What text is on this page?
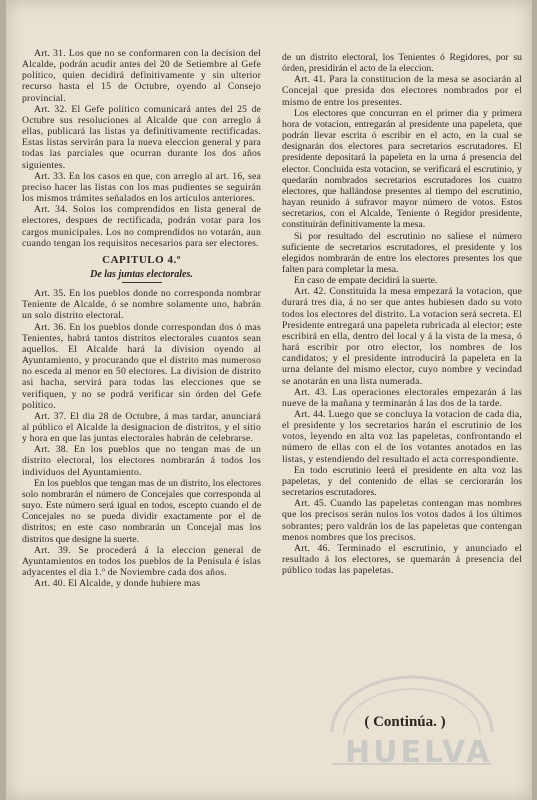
Art. 31. Los que no se conformaren con la decision del Alcalde, podrán acudir antes del 20 de Setiembre al Gefe político, quien decidirá definitivamente y sin ulterior recurso hasta el 15 de Octubre, oyendo al Consejo provincial.

Art. 32. El Gefe político comunicará antes del 25 de Octubre sus resoluciones al Alcalde que con arreglo á ellas, publicará las listas ya definitivamente rectificadas. Estas listas servirán para la nueva eleccion general y para todas las parciales que ocurran durante los dos años siguientes.

Art. 33. En los casos en que, con arreglo al art. 16, sea preciso hacer las listas con los mas pudientes se seguirán los mismos trámites señalados en los artículos anteriores.

Art. 34. Solos los comprendidos en lista general de electores, despues de rectificada, podrán votar para los cargos municipales. Los no comprendidos no votarán, aun cuando tengan los requisitos necesarios para ser electores.

CAPITULO 4.º
De las juntas electorales.

Art. 35. En los pueblos donde no corresponda nombrar Teniente de Alcalde, ó se nombre solamente uno, habrán un solo distrito electoral.

Art. 36. En los pueblos donde correspondan dos ó mas Tenientes, habrá tantos distritos electorales cuantos sean aquellos. El Alcalde hará la division oyendo al Ayuntamiento, y procurando que el distrito mas numeroso no esceda al menor en 50 electores. La division de distrito asi hacha, servirá para todas las elecciones que se verifiquen, y no se podrá verificar sin órden del Gefe político.

Art. 37. El dia 28 de Octubre, á mas tardar, anunciará al público el Alcalde la designacion de distritos, y el sitio y hora en que las juntas electorales habrán de celebrarse.

Art. 38. En los pueblos que no tengan mas de un distrito electoral, los electores nombrarán á todos los individuos del Ayuntamiento.

En los pueblos que tengan mas de un distrito, los electores solo nombrarán el número de Concejales que corresponda al suyo. Este número será igual en todos, escepto cuando el de Concejales no se pueda dividir exactamente por el de distritos; en este caso nombrarán un Concejal mas los distritos que designe la suerte.

Art. 39. Se procederá á la eleccion general de Ayuntamientos en todos los pueblos de la Penísula é islas adyacentes el dia 1.º de Noviembre cada dos años.

Art. 40. El Alcalde, y donde hubiere mas

de un distrito electoral, los Tenientes ó Regidores, por su órden, presidirán el acto de la eleccion.

Art. 41. Para la constitucion de la mesa se asociarán al Concejal que presida dos electores nombrados por el mismo de entre los presentes.

Los electores que concurran en el primer dia y primera hora de votacion, entregarán al presidente una papeleta, que podrán llevar escrita ó escribir en el acto, en la cual se designarán dos electores para secretarios escrutadores. El presidente depositará la papeleta en la urna á presencia del elector. Concluida esta votacion, se verificará el escrutinio, y quedarán nombrados secretarios escrutadores los cuatro electores, que hallándose presentes al tiempo del escrutinio, hayan reunido á sufravor mayor número de votos. Estos secretarios, con el Alcalde, Teniente ó Regidor presidente, constituirán definitivamente la mesa.

Si por resultado del escrutinio no saliese el número suficiente de secretarios escrutadores, el presidente y los elegidos nombrarán de entre los electores presentes los que falten para completar la mesa.

En caso de empate decidirá la suerte.

Art. 42. Constituida la mesa empezará la votacion, que durará tres dia, á no ser que antes hubiesen dado su voto todos los electores del distrito. La votacion será secreta. El Presidente entregará una papeleta rubricada al elector; este escribirá en ella, dentro del local y á la vista de la mesa, ó hará escribir por otro elector, los nombres de los candidatos; y el presidente introducirá la papeleta en la urna delante del mismo elector, cuyo nombre y vecindad se anotarán en una lista numerada.

Art. 43. Las operaciones electorales empezarán á las nueve de la mañana y terminarán á las dos de la tarde.

Art. 44. Luego que se concluya la votacion de cada dia, el presidente y los secretarios harán el escrutinio de los votos, leyendo en alta voz las papeletas, confrontando el número de ellas con el de los votantes anotados en las listas, y estendiendo del resultado el acta correspondiente.

En todo escrutinio leerá el presidente en alta voz las papeletas, y del contenido de ellas se cerciorarán los secretarios escrutadores.

Art. 45. Cuando las papeletas contengan mas nombres que los precisos serán nulos los votos dados á los últimos sobrantes; pero valdrán los de las papeletas que contengan menos nombres que los precisos.

Art. 46. Terminado el escrutinio, y anunciado el resultado á los electores, se quemarán á presencia del público todas las papeletas.

HUELVA
( Continúa. )
